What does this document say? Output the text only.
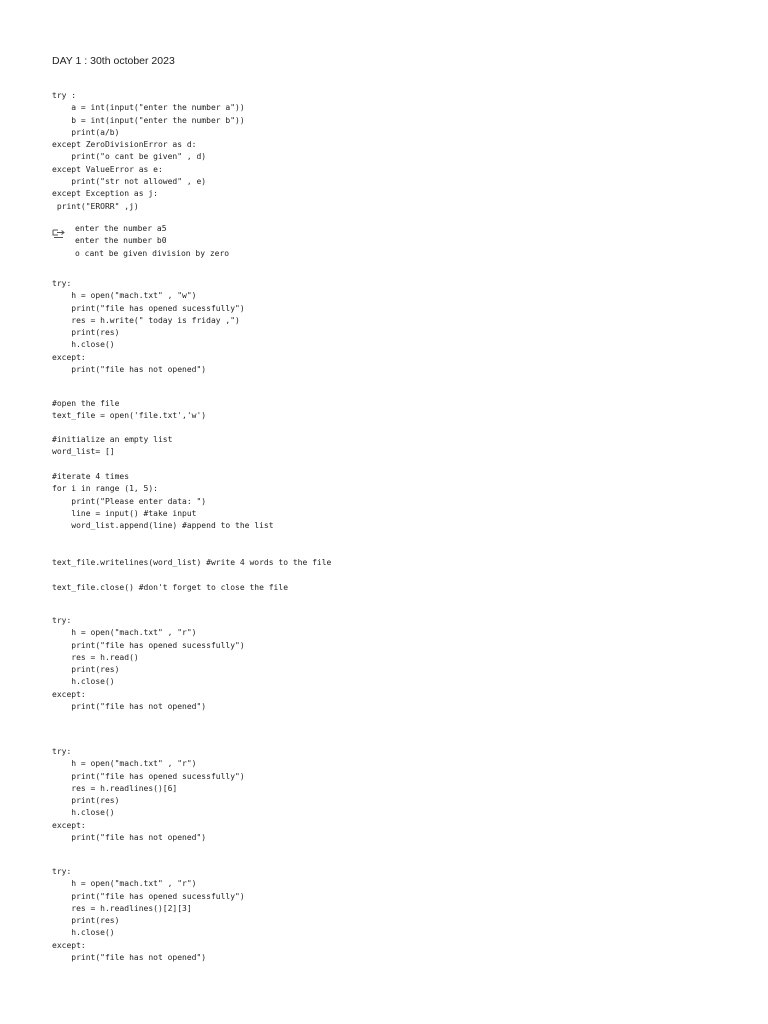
DAY 1 : 30th october 2023
try :
a = int(input("enter the number a"))
b = int(input("enter the number b"))
print(a/b)
except ZeroDivisionError as d:
print("o cant be given" , d)
except ValueError as e:
print("str not allowed" , e)
except Exception as j:
print("ERORR" ,j)
enter the number a5
enter the number b0
o cant be given division by zero
try:
h = open("mach.txt" , "w")
print("file has opened sucessfully")
res = h.write(" today is friday ,")
print(res)
h.close()
except:
print("file has not opened")
#open the file
text_file = open('file.txt','w')
#initialize an empty list
word_list= []
#iterate 4 times
for i in range (1, 5):
print("Please enter data: ")
line = input() #take input
word_list.append(line) #append to the list
text_file.writelines(word_list) #write 4 words to the file
text_file.close() #don't forget to close the file
try:
h = open("mach.txt" , "r")
print("file has opened sucessfully")
res = h.read()
print(res)
h.close()
except:
print("file has not opened")
try:
h = open("mach.txt" , "r")
print("file has opened sucessfully")
res = h.readlines()[6]
print(res)
h.close()
except:
print("file has not opened")
try:
h = open("mach.txt" , "r")
print("file has opened sucessfully")
res = h.readlines()[2][3]
print(res)
h.close()
except:
print("file has not opened")
